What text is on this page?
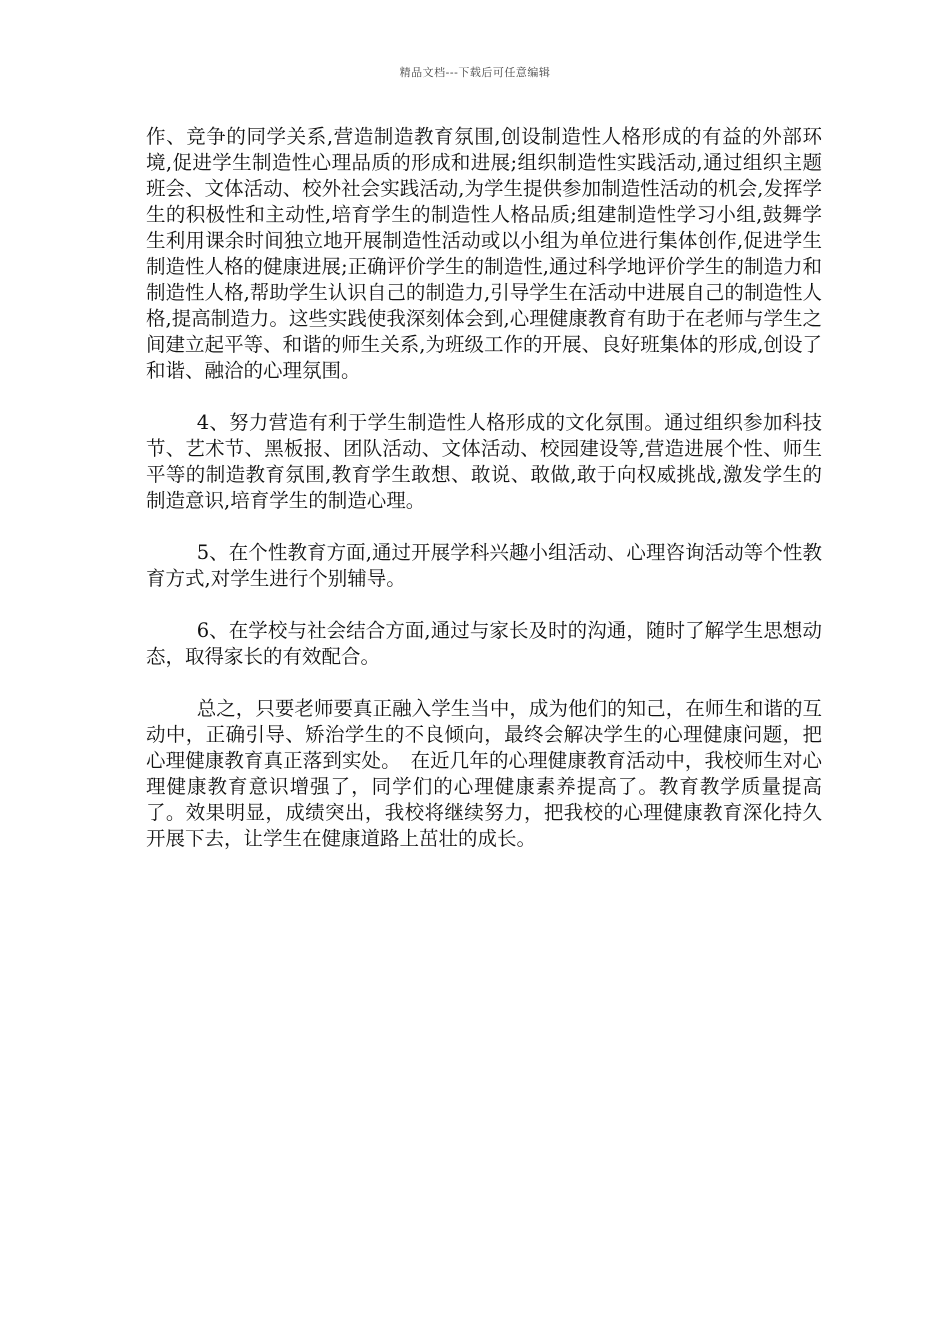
精品文档---下载后可任意编辑

作、竞争的同学关系,营造制造教育氛围,创设制造性人格形成的有益的外部环境,促进学生制造性心理品质的形成和进展;组织制造性实践活动,通过组织主题班会、文体活动、校外社会实践活动,为学生提供参加制造性活动的机会,发挥学生的积极性和主动性,培育学生的制造性人格品质;组建制造性学习小组,鼓舞学生利用课余时间独立地开展制造性活动或以小组为单位进行集体创作,促进学生制造性人格的健康进展;正确评价学生的制造性,通过科学地评价学生的制造力和制造性人格,帮助学生认识自己的制造力,引导学生在活动中进展自己的制造性人格,提高制造力。这些实践使我深刻体会到,心理健康教育有助于在老师与学生之间建立起平等、和谐的师生关系,为班级工作的开展、良好班集体的形成,创设了和谐、融洽的心理氛围。

4、努力营造有利于学生制造性人格形成的文化氛围。通过组织参加科技节、艺术节、黑板报、团队活动、文体活动、校园建设等,营造进展个性、师生平等的制造教育氛围,教育学生敢想、敢说、敢做,敢于向权威挑战,激发学生的制造意识,培育学生的制造心理。

5、在个性教育方面,通过开展学科兴趣小组活动、心理咨询活动等个性教育方式,对学生进行个别辅导。

6、在学校与社会结合方面,通过与家长及时的沟通，随时了解学生思想动态，取得家长的有效配合。

总之，只要老师要真正融入学生当中，成为他们的知己，在师生和谐的互动中，正确引导、矫治学生的不良倾向，最终会解决学生的心理健康问题，把心理健康教育真正落到实处。　在近几年的心理健康教育活动中，我校师生对心理健康教育意识增强了，同学们的心理健康素养提高了。教育教学质量提高了。效果明显，成绩突出，我校将继续努力，把我校的心理健康教育深化持久开展下去，让学生在健康道路上茁壮的成长。
